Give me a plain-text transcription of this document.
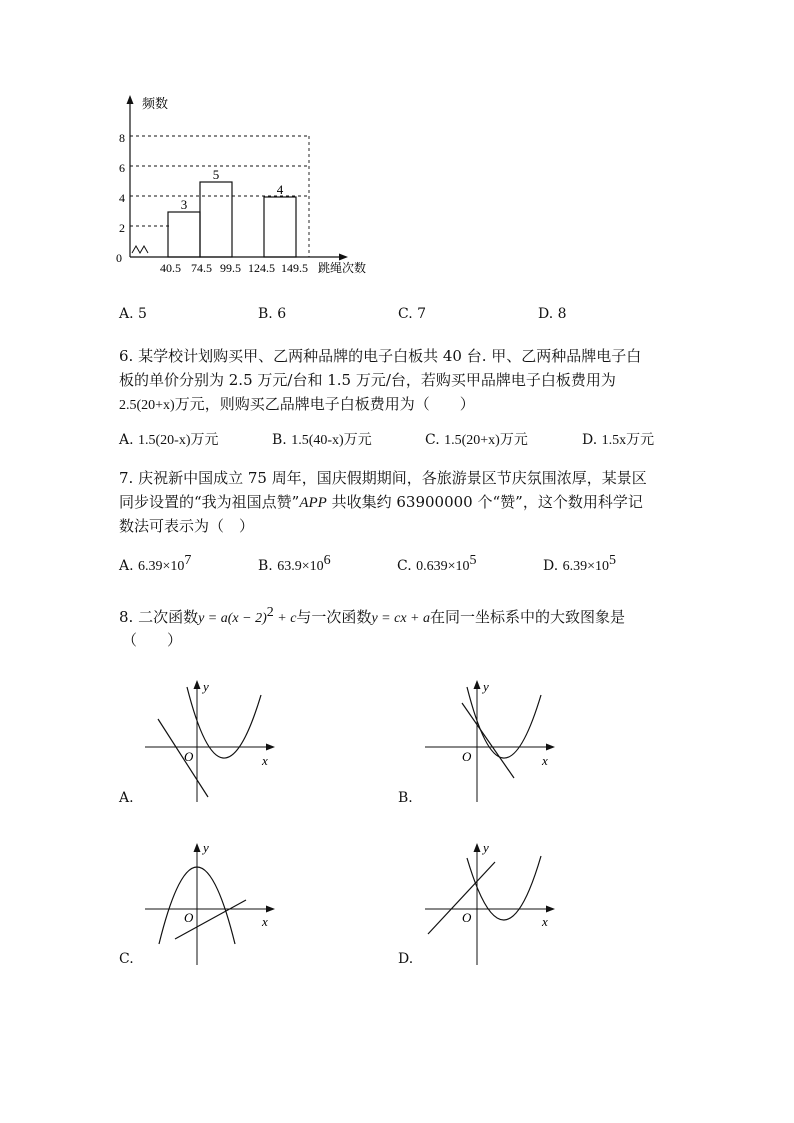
3
5
4
0
2
4
6
8
频数
40.5 74.5 99.5 124.5 149.5 跳绳次数
A. 5	B. 6	C. 7	D. 8
6. 某学校计划购买甲、乙两种品牌的电子白板共 40 台. 甲、乙两种品牌电子白
板的单价分别为 2.5 万元/台和 1.5 万元/台，若购买甲品牌电子白板费用为
2.5(20+x)万元，则购买乙品牌电子白板费用为（　　）
A. 1.5(20-x)万元	B. 1.5(40-x)万元	C. 1.5(20+x)万元	D. 1.5x万元
7. 庆祝新中国成立 75 周年，国庆假期期间，各旅游景区节庆氛围浓厚，某景区
同步设置的“我为祖国点赞”APP 共收集约 63900000 个“赞”，这个数用科学记
数法可表示为（　）
A. 6.39×107	B. 63.9×106	C. 0.639×105	D. 6.39×105
8. 二次函数y = a(x − 2)2 + c与一次函数y = cx + a在同一坐标系中的大致图象是
（　　）
y
x
O
A.
y
x
O
B.
y
x
O
C.
y
x
O
D.
